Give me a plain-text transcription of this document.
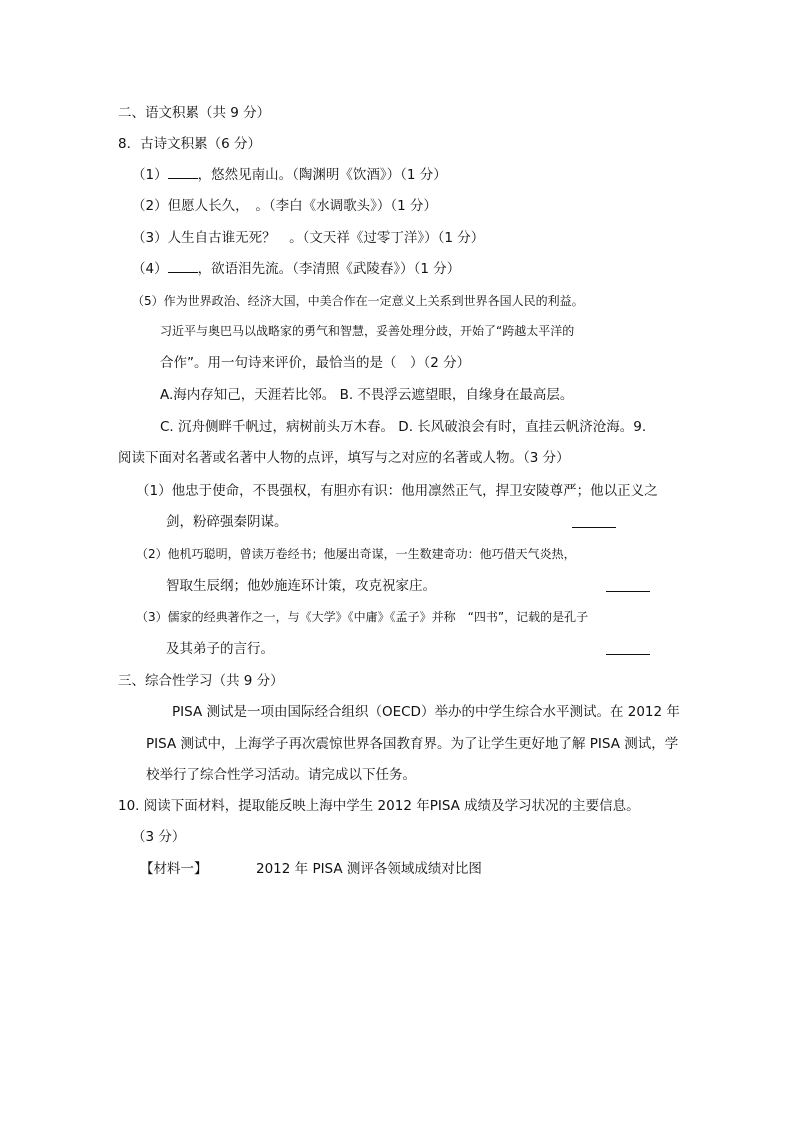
二、语文积累（共 9 分）
8．古诗文积累（6 分）
（1） ，悠然见南山。（陶渊明《饮酒》）（1 分）
（2）但愿人长久，　。（李白《水调歌头》）（1 分）
（3）人生自古谁无死？　。（文天祥《过零丁洋》）（1 分）
（4） ，欲语泪先流。（李清照《武陵春》）（1 分）
（5）作为世界政治、经济大国，中美合作在一定意义上关系到世界各国人民的利益。
习近平与奥巴马以战略家的勇气和智慧，妥善处理分歧，开始了“跨越太平洋的
合作”。用一句诗来评价，最恰当的是（　）（2 分）
A.海内存知己，天涯若比邻。 B. 不畏浮云遮望眼，自缘身在最高层。
C. 沉舟侧畔千帆过，病树前头万木春。 D. 长风破浪会有时，直挂云帆济沧海。9.
阅读下面对名著或名著中人物的点评，填写与之对应的名著或人物。（3 分）
（1）他忠于使命，不畏强权，有胆亦有识：他用凛然正气，捍卫安陵尊严；他以正义之
剑，粉碎强秦阴谋。
（2）他机巧聪明，曾读万卷经书；他屡出奇谋，一生数建奇功：他巧借天气炎热，
智取生辰纲；他妙施连环计策，攻克祝家庄。
（3）儒家的经典著作之一，与《大学》《中庸》《孟子》并称　“四书”，记载的是孔子
及其弟子的言行。
三、综合性学习（共 9 分）
PISA 测试是一项由国际经合组织（OECD）举办的中学生综合水平测试。在 2012 年
PISA 测试中，上海学子再次震惊世界各国教育界。为了让学生更好地了解 PISA 测试，学
校举行了综合性学习活动。请完成以下任务。
10. 阅读下面材料，提取能反映上海中学生 2012 年PISA 成绩及学习状况的主要信息。
（3 分）
【材料一】	2012 年 PISA 测评各领域成绩对比图
